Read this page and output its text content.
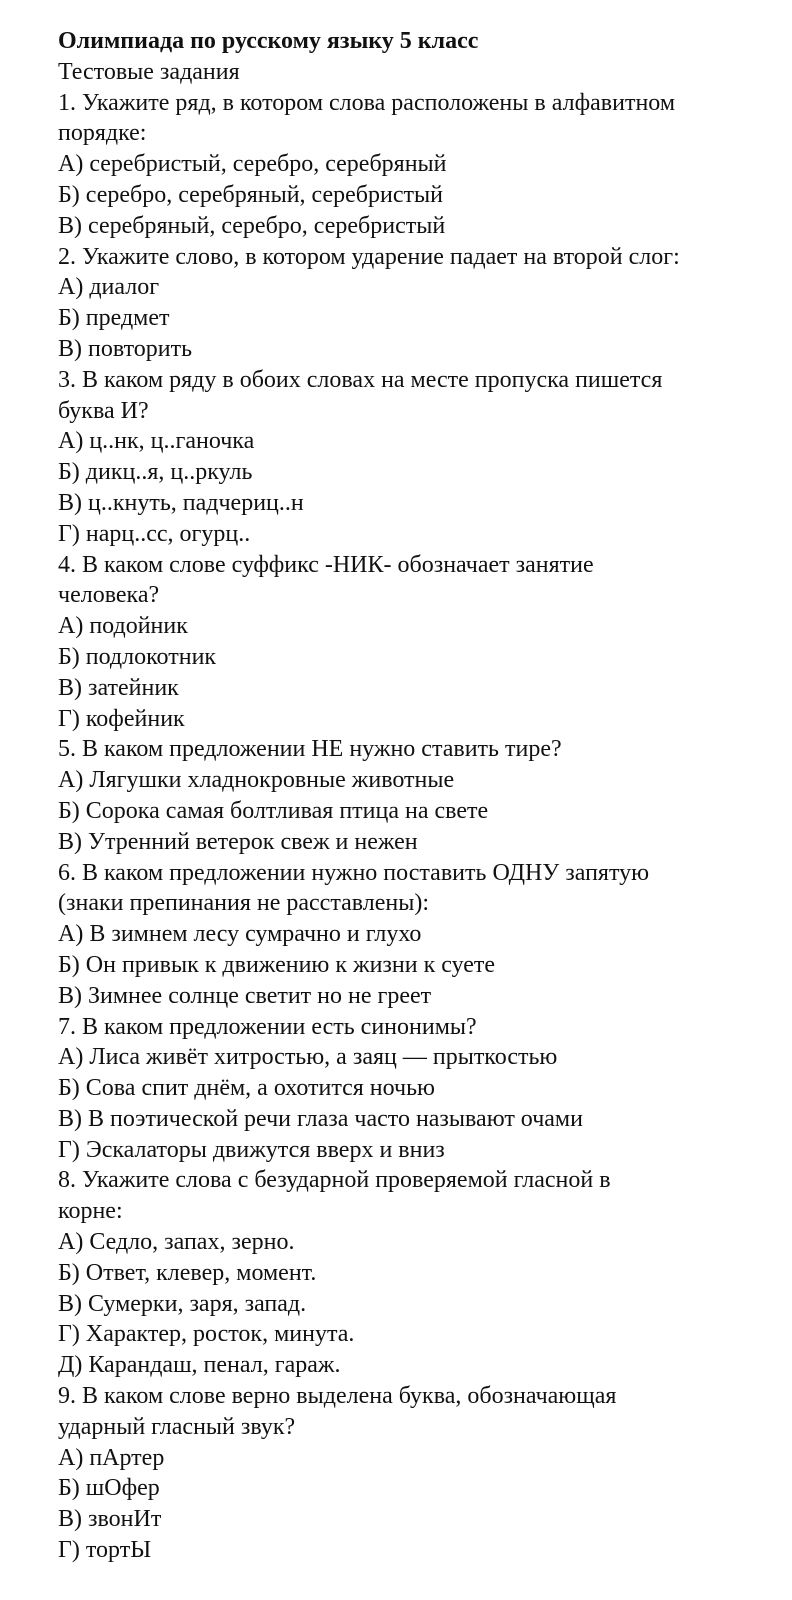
Олимпиада по русскому языку 5 класс
Тестовые задания
1. Укажите ряд, в котором слова расположены в алфавитном
порядке:
А) серебристый, серебро, серебряный
Б) серебро, серебряный, серебристый
В) серебряный, серебро, серебристый
2. Укажите слово, в котором ударение падает на второй слог:
А) диалог
Б) предмет
В) повторить
3. В каком ряду в обоих словах на месте пропуска пишется
буква И?
А) ц..нк, ц..ганочка
Б) дикц..я, ц..ркуль
В) ц..кнуть, падчериц..н
Г) нарц..сс, огурц..
4. В каком слове суффикс -НИК- обозначает занятие
человека?
А) подойник
Б) подлокотник
В) затейник
Г) кофейник
5. В каком предложении НЕ нужно ставить тире?
А) Лягушки хладнокровные животные
Б) Сорока самая болтливая птица на свете
В) Утренний ветерок свеж и нежен
6. В каком предложении нужно поставить ОДНУ запятую
(знаки препинания не расставлены):
А) В зимнем лесу сумрачно и глухо
Б) Он привык к движению к жизни к суете
В) Зимнее солнце светит но не греет
7. В каком предложении есть синонимы?
А) Лиса живёт хитростью, а заяц — прыткостью
Б) Сова спит днём, а охотится ночью
В) В поэтической речи глаза часто называют очами
Г) Эскалаторы движутся вверх и вниз
8. Укажите слова с безударной проверяемой гласной в
корне:
А) Седло, запах, зерно.
Б) Ответ, клевер, момент.
В) Сумерки, заря, запад.
Г) Характер, росток, минута.
Д) Карандаш, пенал, гараж.
9. В каком слове верно выделена буква, обозначающая
ударный гласный звук?
А) пАртер
Б) шОфер
В) звонИт
Г) тортЫ
